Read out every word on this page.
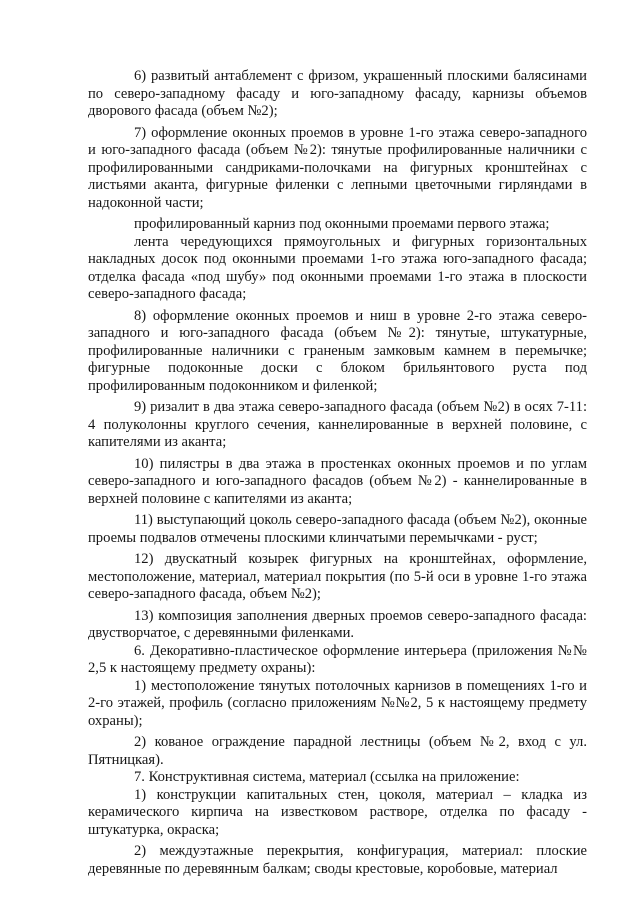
6) развитый антаблемент с фризом, украшенный плоскими балясинами по северо-западному фасаду и юго-западному фасаду, карнизы объемов дворового фасада (объем №2);

7) оформление оконных проемов в уровне 1-го этажа северо-западного и юго-западного фасада (объем №2): тянутые профилированные наличники с профилированными сандриками-полочками на фигурных кронштейнах с листьями аканта, фигурные филенки с лепными цветочными гирляндами в надоконной части;

профилированный карниз под оконными проемами первого этажа;

лента чередующихся прямоугольных и фигурных горизонтальных накладных досок под оконными проемами 1-го этажа юго-западного фасада; отделка фасада «под шубу» под оконными проемами 1-го этажа в плоскости северо-западного фасада;

8) оформление оконных проемов и ниш в уровне 2-го этажа северо-западного и юго-западного фасада (объем №2): тянутые, штукатурные, профилированные наличники с граненым замковым камнем в перемычке; фигурные подоконные доски с блоком брильянтового руста под профилированным подоконником и филенкой;

9) ризалит в два этажа северо-западного фасада (объем №2) в осях 7-11: 4 полуколонны круглого сечения, каннелированные в верхней половине, с капителями из аканта;

10) пилястры в два этажа в простенках оконных проемов и по углам северо-западного и юго-западного фасадов (объем №2) - каннелированные в верхней половине с капителями из аканта;

11) выступающий цоколь северо-западного фасада (объем №2), оконные проемы подвалов отмечены плоскими клинчатыми перемычками - руст;

12) двускатный козырек фигурных на кронштейнах, оформление, местоположение, материал, материал покрытия (по 5-й оси в уровне 1-го этажа северо-западного фасада, объем №2);

13) композиция заполнения дверных проемов северо-западного фасада: двустворчатое, с деревянными филенками.

6. Декоративно-пластическое оформление интерьера (приложения №№ 2,5 к настоящему предмету охраны):

1) местоположение тянутых потолочных карнизов в помещениях 1-го и 2-го этажей, профиль (согласно приложениям №№2, 5 к настоящему предмету охраны);

2) кованое ограждение парадной лестницы (объем №2, вход с ул. Пятницкая).

7. Конструктивная система, материал (ссылка на приложение:

1) конструкции капитальных стен, цоколя, материал – кладка из керамического кирпича на известковом растворе, отделка по фасаду - штукатурка, окраска;

2) междуэтажные перекрытия, конфигурация, материал: плоские деревянные по деревянным балкам; своды крестовые, коробовые, материал
